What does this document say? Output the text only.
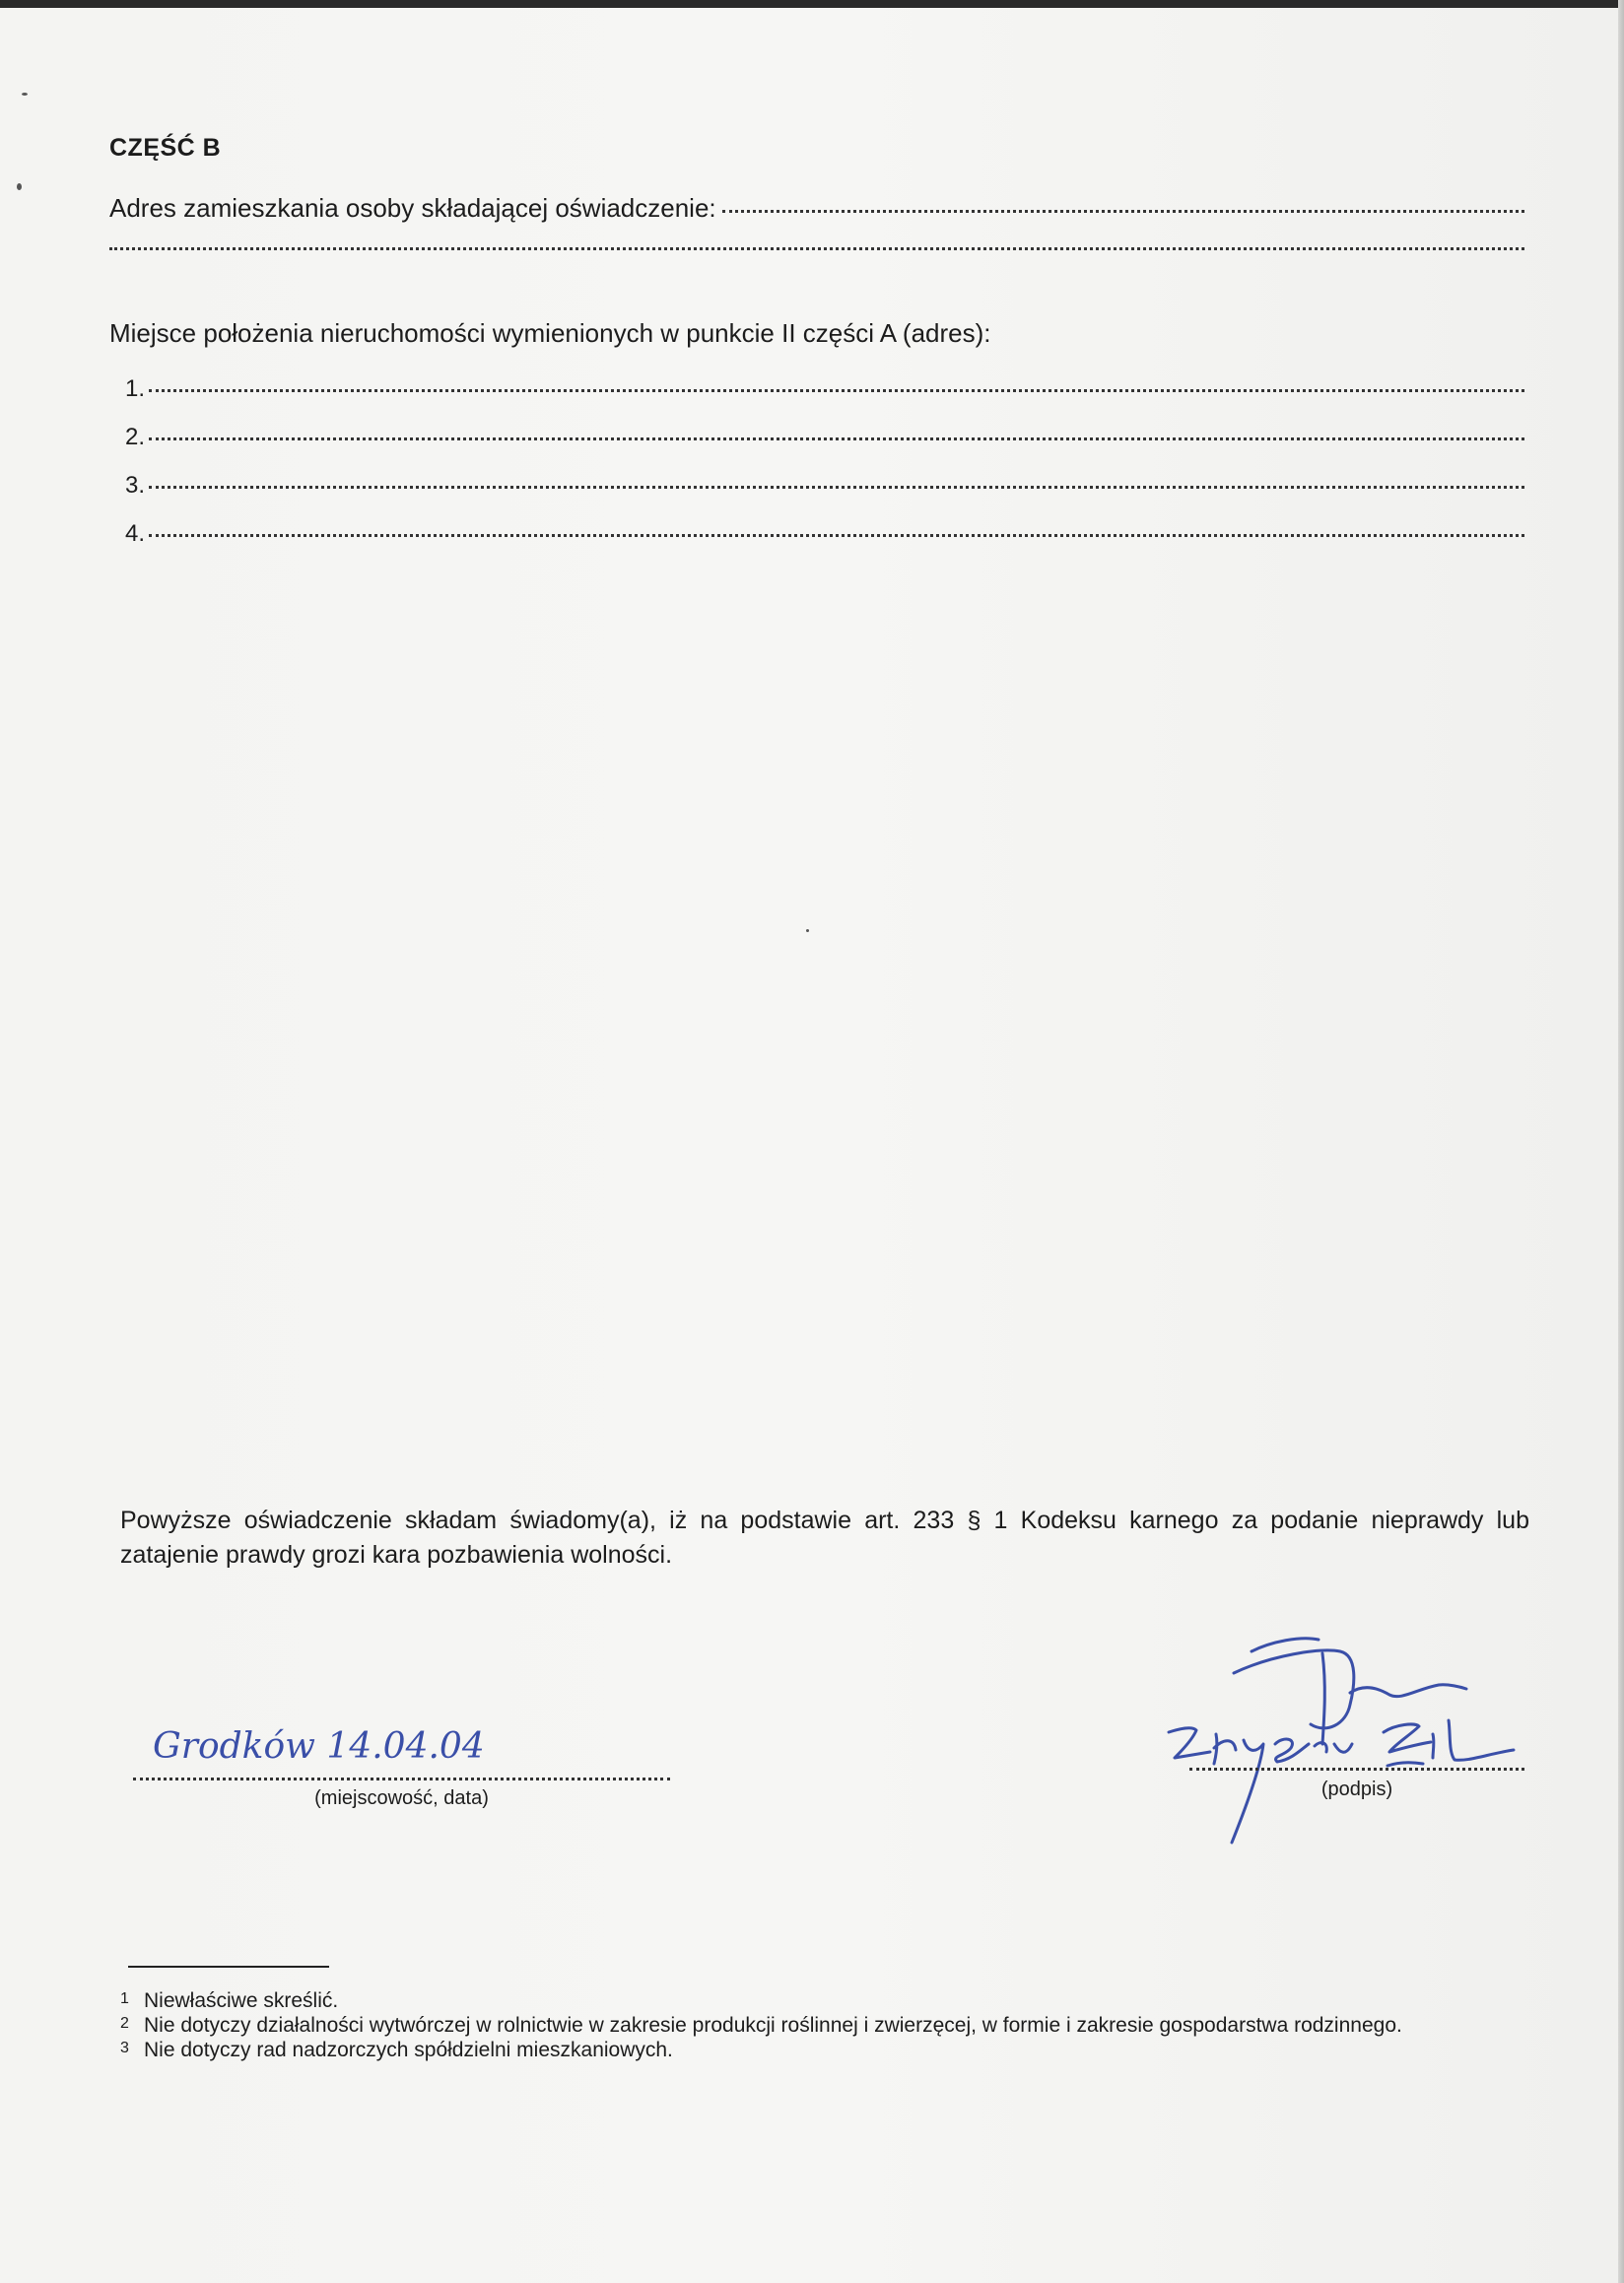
CZĘŚĆ B
Adres zamieszkania osoby składającej oświadczenie:
Miejsce położenia nieruchomości wymienionych w punkcie II części A (adres):
1.
2.
3.
4.
Powyższe oświadczenie składam świadomy(a), iż na podstawie art. 233 § 1 Kodeksu karnego za podanie nieprawdy lub zatajenie prawdy grozi kara pozbawienia wolności.
Grodków 14.04.04
(miejscowość, data)	(podpis)
1 Niewłaściwe skreślić.
2 Nie dotyczy działalności wytwórczej w rolnictwie w zakresie produkcji roślinnej i zwierzęcej, w formie i zakresie gospodarstwa rodzinnego.
3 Nie dotyczy rad nadzorczych spółdzielni mieszkaniowych.
